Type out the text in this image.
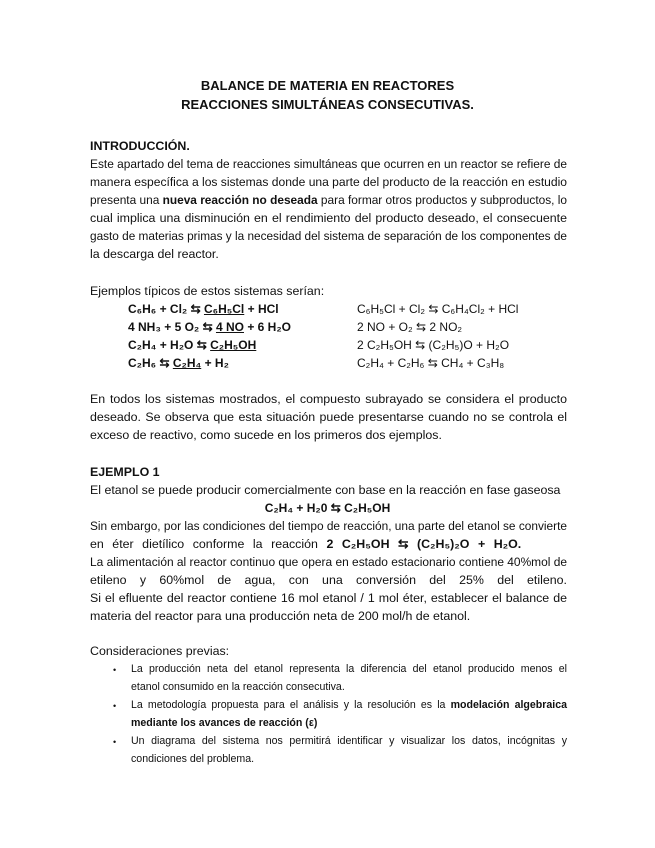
BALANCE DE MATERIA EN REACTORES
REACCIONES SIMULTÁNEAS CONSECUTIVAS.
INTRODUCCIÓN.
Este apartado del tema de reacciones simultáneas que ocurren en un reactor se refiere de
manera específica a los sistemas donde una parte del producto de la reacción en estudio
presenta una nueva reacción no deseada para formar otros productos y subproductos, lo
cual implica una disminución en el rendimiento del producto deseado, el consecuente
gasto de materias primas y la necesidad del sistema de separación de los componentes de
la descarga del reactor.
Ejemplos típicos de estos sistemas serían:
C₆H₆ + Cl₂ ⇆ C₆H₅Cl + HCl
4 NH₃ + 5 O₂ ⇆ 4 NO + 6 H₂O
C₂H₄ + H₂O ⇆ C₂H₅OH
C₂H₆ ⇆ C₂H₄ + H₂
C₆H₅Cl + Cl₂ ⇆ C₆H₄Cl₂ + HCl
2 NO + O₂ ⇆ 2 NO₂
2 C₂H₅OH ⇆ (C₂H₅)O + H₂O
C₂H₄ + C₂H₆ ⇆ CH₄ + C₃H₈
En todos los sistemas mostrados, el compuesto subrayado se considera el producto
deseado. Se observa que esta situación puede presentarse cuando no se controla el
exceso de reactivo, como sucede en los primeros dos ejemplos.
EJEMPLO 1
El etanol se puede producir comercialmente con base en la reacción en fase gaseosa
C₂H₄ + H₂0 ⇆ C₂H₅OH
Sin embargo, por las condiciones del tiempo de reacción, una parte del etanol se convierte
en éter dietílico conforme la reacción 2 C₂H₅OH ⇆ (C₂H₅)₂O + H₂O.
La alimentación al reactor continuo que opera en estado estacionario contiene 40%mol de
etileno y 60%mol de agua, con una conversión del 25% del etileno.
Si el efluente del reactor contiene 16 mol etanol / 1 mol éter, establecer el balance de
materia del reactor para una producción neta de 200 mol/h de etanol.
Consideraciones previas:
• La producción neta del etanol representa la diferencia del etanol producido menos el
etanol consumido en la reacción consecutiva.
• La metodología propuesta para el análisis y la resolución es la modelación algebraica
mediante los avances de reacción (ε)
• Un diagrama del sistema nos permitirá identificar y visualizar los datos, incógnitas y
condiciones del problema.
